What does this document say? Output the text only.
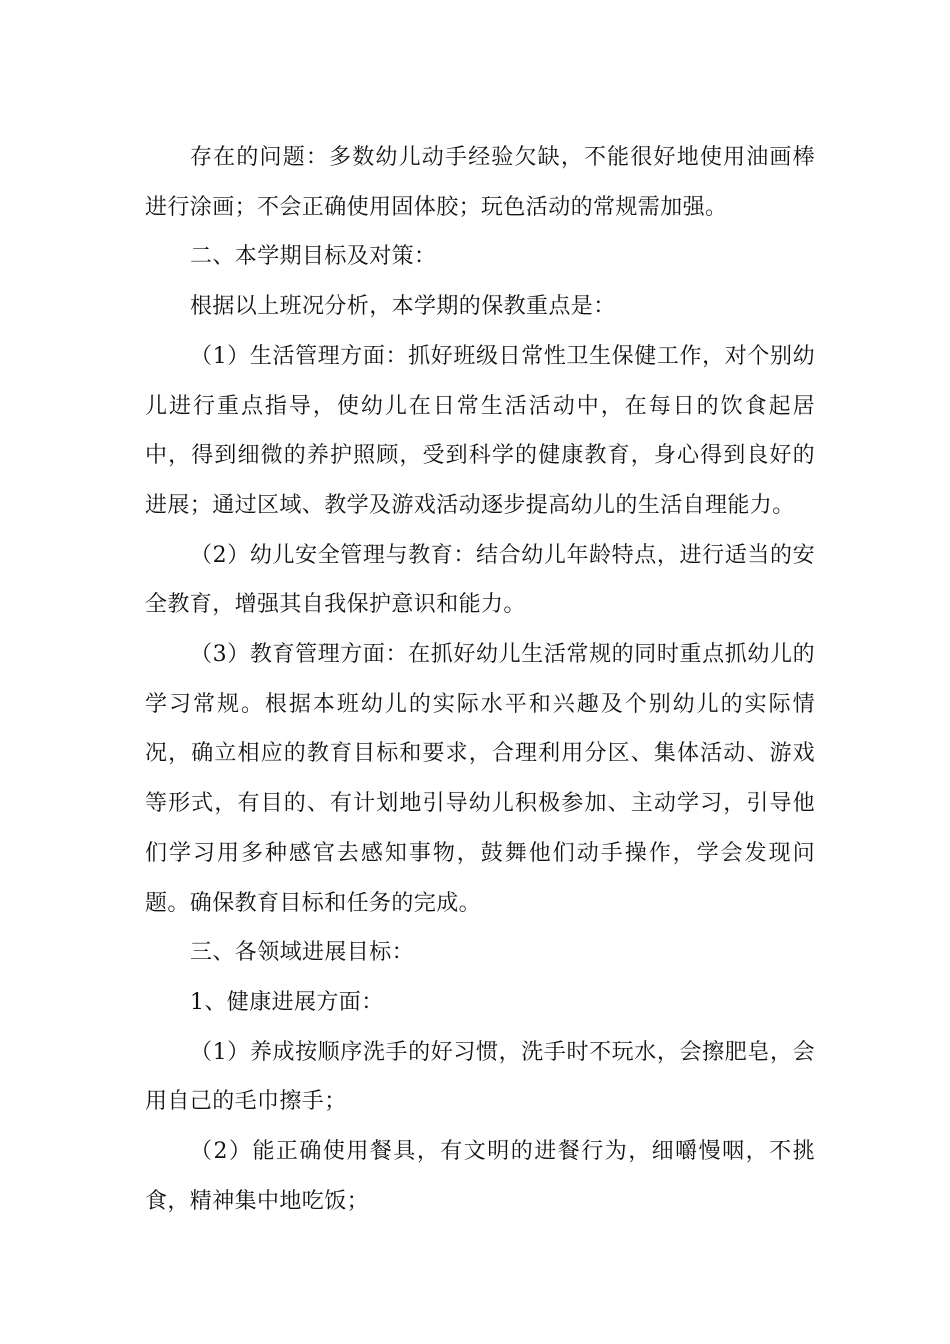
存在的问题：多数幼儿动手经验欠缺，不能很好地使用油画棒进行涂画；不会正确使用固体胶；玩色活动的常规需加强。

二、本学期目标及对策：

根据以上班况分析，本学期的保教重点是：

（1）生活管理方面：抓好班级日常性卫生保健工作，对个别幼儿进行重点指导，使幼儿在日常生活活动中，在每日的饮食起居中，得到细微的养护照顾，受到科学的健康教育，身心得到良好的进展；通过区域、教学及游戏活动逐步提高幼儿的生活自理能力。

（2）幼儿安全管理与教育：结合幼儿年龄特点，进行适当的安全教育，增强其自我保护意识和能力。

（3）教育管理方面：在抓好幼儿生活常规的同时重点抓幼儿的学习常规。根据本班幼儿的实际水平和兴趣及个别幼儿的实际情况，确立相应的教育目标和要求，合理利用分区、集体活动、游戏等形式，有目的、有计划地引导幼儿积极参加、主动学习，引导他们学习用多种感官去感知事物，鼓舞他们动手操作，学会发现问题。确保教育目标和任务的完成。

三、各领域进展目标：

1、健康进展方面：

（1）养成按顺序洗手的好习惯，洗手时不玩水，会擦肥皂，会用自己的毛巾擦手；

（2）能正确使用餐具，有文明的进餐行为，细嚼慢咽，不挑食，精神集中地吃饭；
